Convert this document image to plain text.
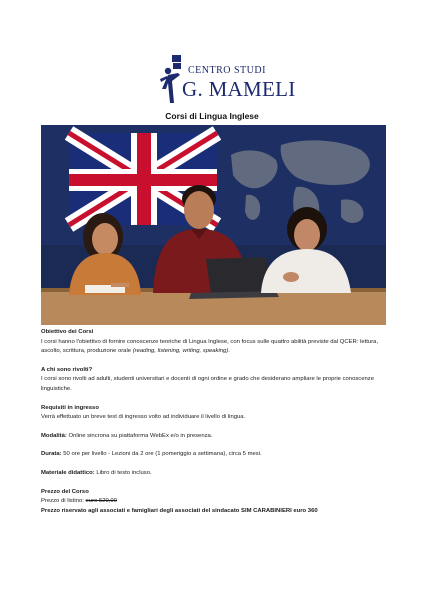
CENTRO STUDI
G. MAMELI
Corsi di Lingua Inglese

Obiettivo dei Corsi

I corsi hanno l'obiettivo di fornire conoscenze teoriche di Lingua Inglese, con focus sulle quattro abilità previste dal QCER: lettura, ascolto, scrittura, produzione orale (reading, listening, writing, speaking).

A chi sono rivolti?

I corsi sono rivolti ad adulti, studenti universitari e docenti di ogni ordine e grado che desiderano ampliare le proprie conoscenze linguistiche.

Requisiti in ingresso

Verrà effettuato un breve test di ingresso volto ad individuare il livello di lingua.

Modalità: Online sincrona su piattaforma WebEx e/o in presenza.

Durata: 50 ore per livello - Lezioni da 2 ore (1 pomeriggio a settimana), circa 5 mesi.

Materiale didattico: Libro di testo incluso.

Prezzo del Corso

Prezzo di listino: euro 520,00

Prezzo riservato agli associati e famigliari degli associati del sindacato SIM CARABINIERI euro 360
